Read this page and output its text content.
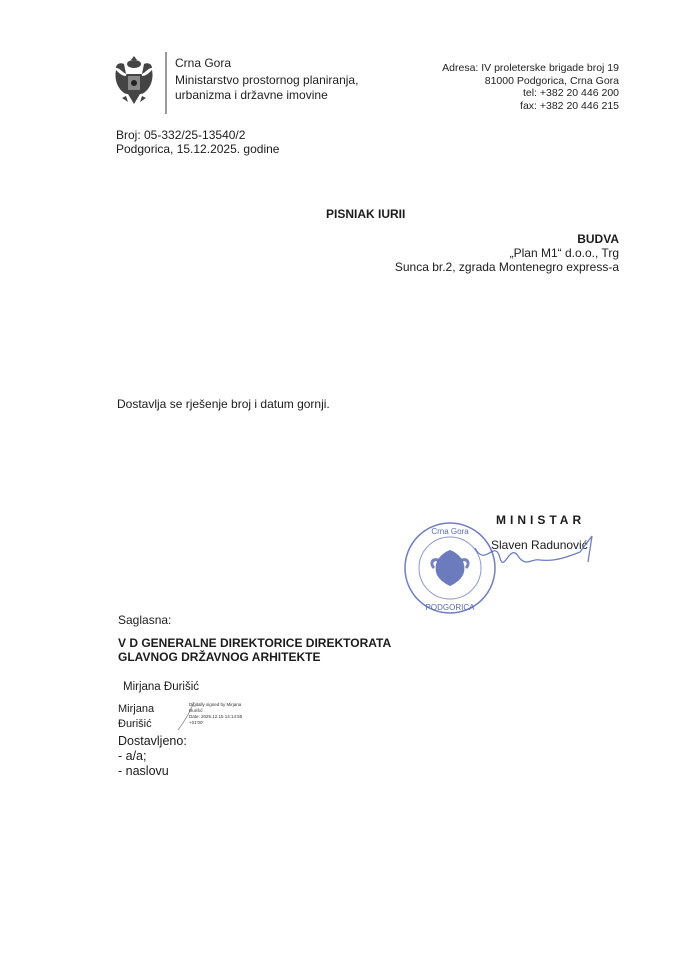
Crna Gora
Ministarstvo prostornog planiranja,
urbanizma i državne imovine
Adresa: IV proleterske brigade broj 19
81000 Podgorica, Crna Gora
tel: +382 20 446 200
fax: +382 20 446 215
Broj: 05-332/25-13540/2
Podgorica, 15.12.2025. godine
PISNIAK IURII
BUDVA
„Plan M1“ d.o.o., Trg
Sunca br.2, zgrada Montenegro express-a
Dostavlja se rješenje broj i datum gornji.
Crna Gora
PODGORICA
MINISTAR
Slaven Radunović
Saglasna:
V D GENERALNE DIREKTORICE DIREKTORATA
GLAVNOG DRŽAVNOG ARHITEKTE
Mirjana Đurišić
Mirjana
Đurišić
Digitally signed by Mirjana
Đurišić
Date: 2025.12.15 14:14:55
+01'00'
Dostavljeno:
- a/a;
- naslovu
